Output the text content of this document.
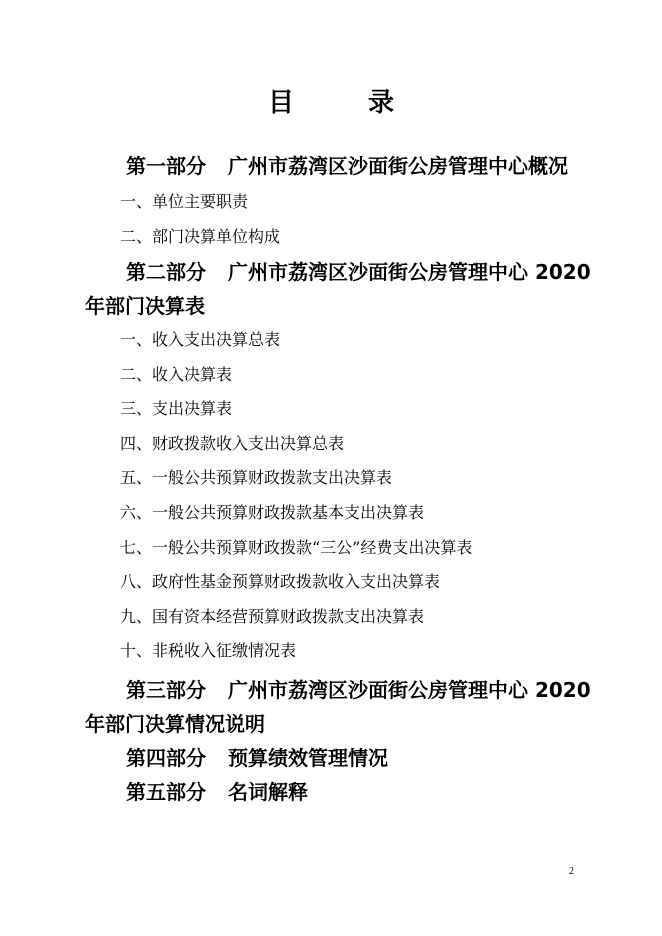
目录
第一部分 广州市荔湾区沙面街公房管理中心概况
一、单位主要职责
二、部门决算单位构成
第二部分 广州市荔湾区沙面街公房管理中心 2020
年部门决算表
一、收入支出决算总表
二、收入决算表
三、支出决算表
四、财政拨款收入支出决算总表
五、一般公共预算财政拨款支出决算表
六、一般公共预算财政拨款基本支出决算表
七、一般公共预算财政拨款“三公”经费支出决算表
八、政府性基金预算财政拨款收入支出决算表
九、国有资本经营预算财政拨款支出决算表
十、非税收入征缴情况表
第三部分 广州市荔湾区沙面街公房管理中心 2020
年部门决算情况说明
第四部分 预算绩效管理情况
第五部分 名词解释
2
